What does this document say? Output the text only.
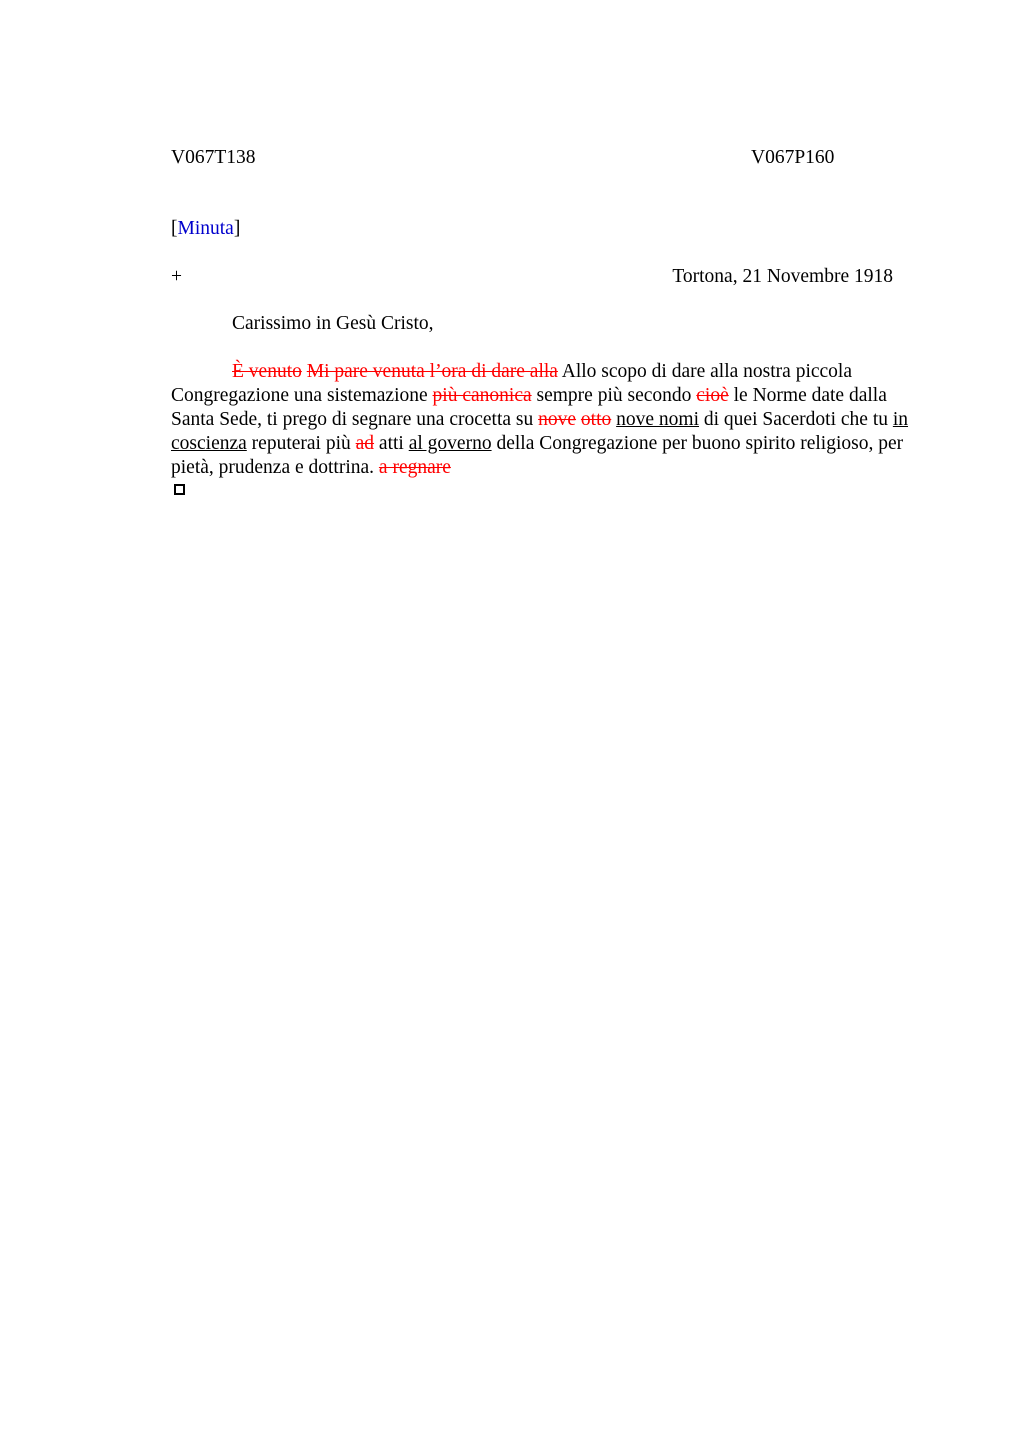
V067T138	V067P160
[Minuta]
+	Tortona, 21 Novembre 1918
Carissimo in Gesù Cristo,
È venuto Mi pare venuta l’ora di dare alla Allo scopo di dare alla nostra piccola Congregazione una sistemazione più canonica sempre più secondo cioè le Norme date dalla Santa Sede, ti prego di segnare una crocetta su nove otto nove nomi di quei Sacerdoti che tu in coscienza reputerai più ad atti al governo della Congregazione per buono spirito religioso, per pietà, prudenza e dottrina. a regnare
